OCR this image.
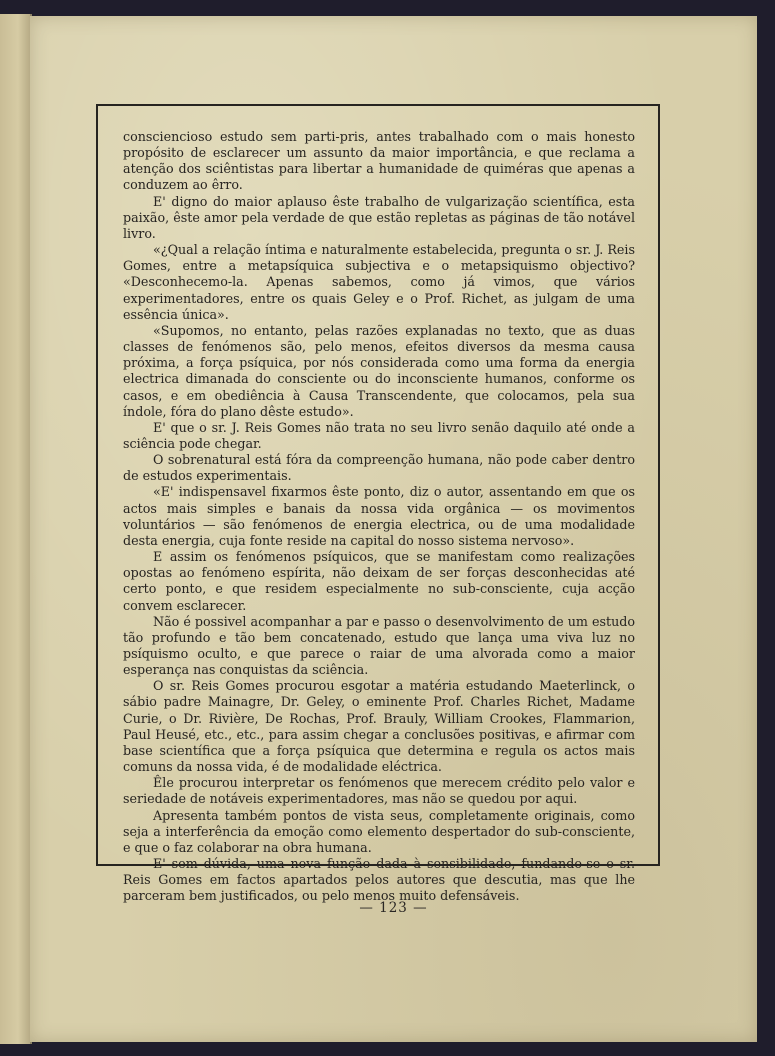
consciencioso estudo sem parti-pris, antes trabalhado com o mais honesto propósito de esclarecer um assunto da maior importância, e que reclama a atenção dos sciêntistas para libertar a humanidade de quiméras que apenas a conduzem ao êrro.

E' digno do maior aplauso êste trabalho de vulgarização scientífica, esta paixão, êste amor pela verdade de que estão repletas as páginas de tão notável livro.

«¿Qual a relação íntima e naturalmente estabelecida, pregunta o sr. J. Reis Gomes, entre a metapsíquica subjectiva e o metapsiquismo objectivo? «Desconhecemo-la. Apenas sabemos, como já vimos, que vários experimentadores, entre os quais Geley e o Prof. Richet, as julgam de uma essência única».

«Supomos, no entanto, pelas razões explanadas no texto, que as duas classes de fenómenos são, pelo menos, efeitos diversos da mesma causa próxima, a força psíquica, por nós considerada como uma forma da energia electrica dimanada do consciente ou do inconsciente humanos, conforme os casos, e em obediência à Causa Transcendente, que colocamos, pela sua índole, fóra do plano dêste estudo».

E' que o sr. J. Reis Gomes não trata no seu livro senão daquilo até onde a sciência pode chegar.

O sobrenatural está fóra da compreenção humana, não pode caber dentro de estudos experimentais.

«E' indispensavel fixarmos êste ponto, diz o autor, assentando em que os actos mais simples e banais da nossa vida orgânica — os movimentos voluntários — são fenómenos de energia electrica, ou de uma modalidade desta energia, cuja fonte reside na capital do nosso sistema nervoso».

E assim os fenómenos psíquicos, que se manifestam como realizações opostas ao fenómeno espírita, não deixam de ser forças desconhecidas até certo ponto, e que residem especialmente no sub-consciente, cuja acção convem esclarecer.

Não é possivel acompanhar a par e passo o desenvolvimento de um estudo tão profundo e tão bem concatenado, estudo que lança uma viva luz no psíquismo oculto, e que parece o raiar de uma alvorada como a maior esperança nas conquistas da sciência.

O sr. Reis Gomes procurou esgotar a matéria estudando Maeterlinck, o sábio padre Mainagre, Dr. Geley, o eminente Prof. Charles Richet, Madame Curie, o Dr. Rivière, De Rochas, Prof. Brauly, William Crookes, Flammarion, Paul Heusé, etc., etc., para assim chegar a conclusões positivas, e afirmar com base scientífica que a força psíquica que determina e regula os actos mais comuns da nossa vida, é de modalidade eléctrica.

Êle procurou interpretar os fenómenos que merecem crédito pelo valor e seriedade de notáveis experimentadores, mas não se quedou por aqui.

Apresenta também pontos de vista seus, completamente originais, como seja a interferência da emoção como elemento despertador do sub-consciente, e que o faz colaborar na obra humana.

E' sem dúvida, uma nova função dada à sensibilidade, fundando-se o sr. Reis Gomes em factos apartados pelos autores que descutia, mas que lhe parceram bem justificados, ou pelo menos muito defensáveis.

— 123 —
